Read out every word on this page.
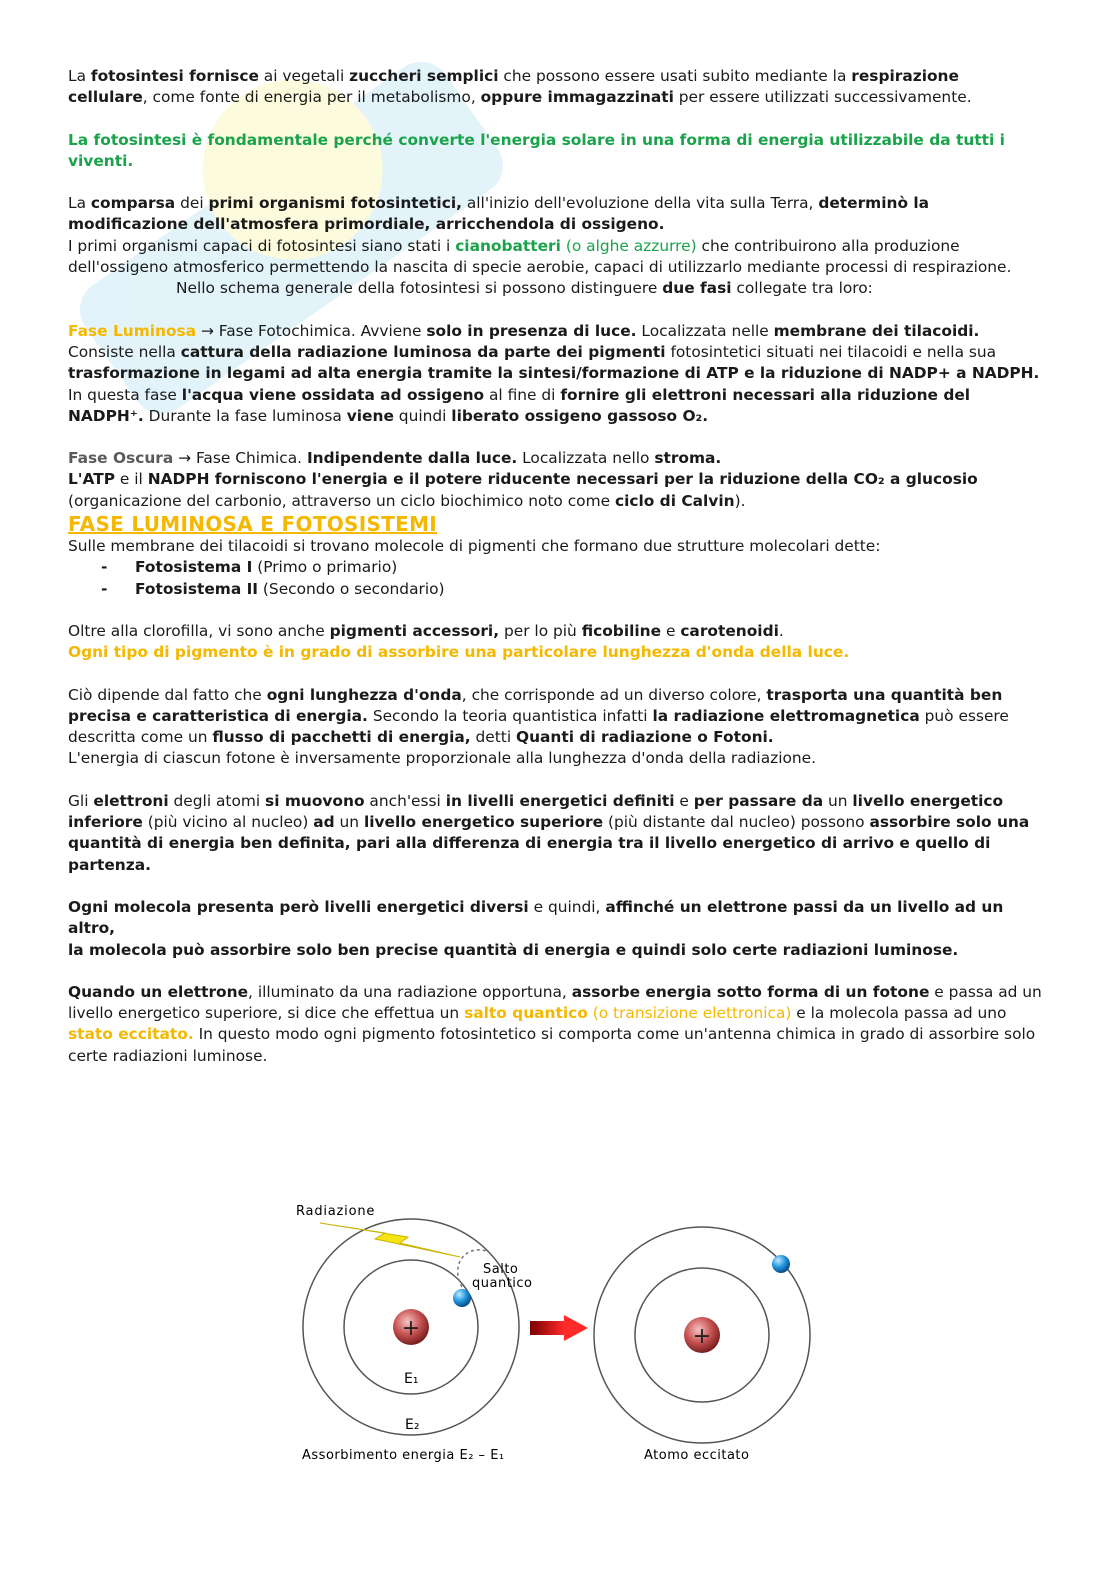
La fotosintesi fornisce ai vegetali zuccheri semplici che possono essere usati subito mediante la respirazione cellulare, come fonte di energia per il metabolismo, oppure immagazzinati per essere utilizzati successivamente.

La fotosintesi è fondamentale perché converte l'energia solare in una forma di energia utilizzabile da tutti i viventi.

La comparsa dei primi organismi fotosintetici, all'inizio dell'evoluzione della vita sulla Terra, determinò la modificazione dell'atmosfera primordiale, arricchendola di ossigeno.

I primi organismi capaci di fotosintesi siano stati i cianobatteri (o alghe azzurre) che contribuirono alla produzione dell'ossigeno atmosferico permettendo la nascita di specie aerobie, capaci di utilizzarlo mediante processi di respirazione.

Nello schema generale della fotosintesi si possono distinguere due fasi collegate tra loro:

Fase Luminosa → Fase Fotochimica. Avviene solo in presenza di luce. Localizzata nelle membrane dei tilacoidi.

Consiste nella cattura della radiazione luminosa da parte dei pigmenti fotosintetici situati nei tilacoidi e nella sua trasformazione in legami ad alta energia tramite la sintesi/formazione di ATP e la riduzione di NADP+ a NADPH.

In questa fase l'acqua viene ossidata ad ossigeno al fine di fornire gli elettroni necessari alla riduzione del NADPH⁺. Durante la fase luminosa viene quindi liberato ossigeno gassoso O₂.

Fase Oscura → Fase Chimica. Indipendente dalla luce. Localizzata nello stroma.

L'ATP e il NADPH forniscono l'energia e il potere riducente necessari per la riduzione della CO₂ a glucosio (organicazione del carbonio, attraverso un ciclo biochimico noto come ciclo di Calvin).

FASE LUMINOSA E FOTOSISTEMI

Sulle membrane dei tilacoidi si trovano molecole di pigmenti che formano due strutture molecolari dette:

- Fotosistema I (Primo o primario)
- Fotosistema II (Secondo o secondario)

Oltre alla clorofilla, vi sono anche pigmenti accessori, per lo più ficobiline e carotenoidi.

Ogni tipo di pigmento è in grado di assorbire una particolare lunghezza d'onda della luce.

Ciò dipende dal fatto che ogni lunghezza d'onda, che corrisponde ad un diverso colore, trasporta una quantità ben precisa e caratteristica di energia. Secondo la teoria quantistica infatti la radiazione elettromagnetica può essere descritta come un flusso di pacchetti di energia, detti Quanti di radiazione o Fotoni.

L'energia di ciascun fotone è inversamente proporzionale alla lunghezza d'onda della radiazione.

Gli elettroni degli atomi si muovono anch'essi in livelli energetici definiti e per passare da un livello energetico inferiore (più vicino al nucleo) ad un livello energetico superiore (più distante dal nucleo) possono assorbire solo una quantità di energia ben definita, pari alla differenza di energia tra il livello energetico di arrivo e quello di partenza.

Ogni molecola presenta però livelli energetici diversi e quindi, affinché un elettrone passi da un livello ad un altro,
la molecola può assorbire solo ben precise quantità di energia e quindi solo certe radiazioni luminose.

Quando un elettrone, illuminato da una radiazione opportuna, assorbe energia sotto forma di un fotone e passa ad un livello energetico superiore, si dice che effettua un salto quantico (o transizione elettronica) e la molecola passa ad uno stato eccitato. In questo modo ogni pigmento fotosintetico si comporta come un'antenna chimica in grado di assorbire solo certe radiazioni luminose.

+
Radiazione
Salto
quantico
E₁
E₂
Assorbimento energia E₂ – E₁
+
Atomo eccitato
